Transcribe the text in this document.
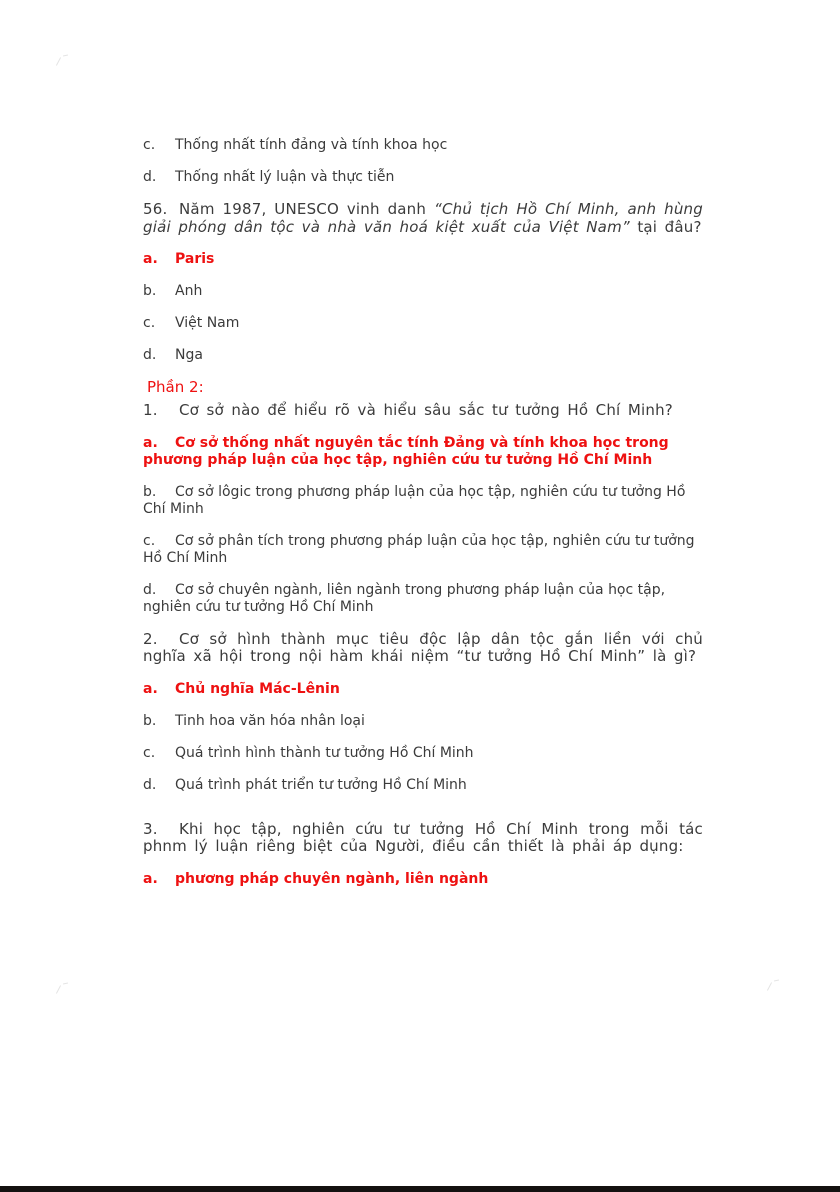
c. Thống nhất tính đảng và tính khoa học

d. Thống nhất lý luận và thực tiễn

56. Năm 1987, UNESCO vinh danh “Chủ tịch Hồ Chí Minh, anh hùng giải phóng dân tộc và nhà văn hoá kiệt xuất của Việt Nam” tại đâu?

a. Paris

b. Anh

c. Việt Nam

d. Nga

Phần 2:

1. Cơ sở nào để hiểu rõ và hiểu sâu sắc tư tưởng Hồ Chí Minh?

a. Cơ sở thống nhất nguyên tắc tính Đảng và tính khoa học trong phương pháp luận của học tập, nghiên cứu tư tưởng Hồ Chí Minh

b. Cơ sở lôgic trong phương pháp luận của học tập, nghiên cứu tư tưởng Hồ Chí Minh

c. Cơ sở phân tích trong phương pháp luận của học tập, nghiên cứu tư tưởng Hồ Chí Minh

d. Cơ sở chuyên ngành, liên ngành trong phương pháp luận của học tập, nghiên cứu tư tưởng Hồ Chí Minh

2. Cơ sở hình thành mục tiêu độc lập dân tộc gắn liền với chủ nghĩa xã hội trong nội hàm khái niệm “tư tưởng Hồ Chí Minh” là gì?

a. Chủ nghĩa Mác-Lênin

b. Tinh hoa văn hóa nhân loại

c. Quá trình hình thành tư tưởng Hồ Chí Minh

d. Quá trình phát triển tư tưởng Hồ Chí Minh

3. Khi học tập, nghiên cứu tư tưởng Hồ Chí Minh trong mỗi tác phnm lý luận riêng biệt của Người, điều cần thiết là phải áp dụng:

a. phương pháp chuyên ngành, liên ngành
